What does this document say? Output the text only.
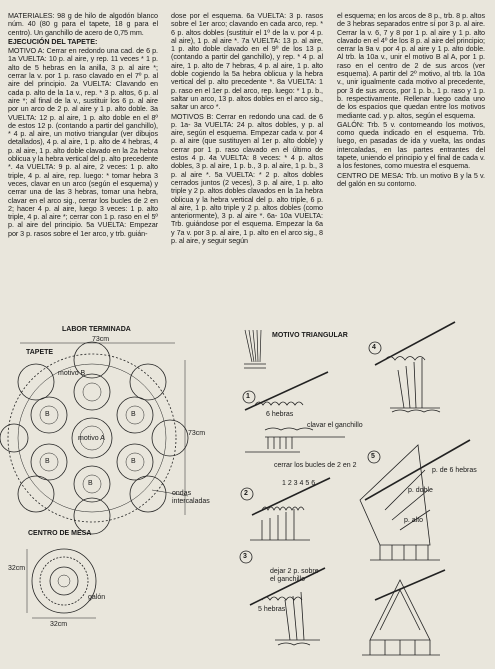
MATERIALES: 98 g de hilo de algodón blanco núm. 40 (80 g para el tapete, 18 g para el centro). Un ganchillo de acero de 0,75 mm.

EJECUCIÓN DEL TAPETE:

MOTIVO A: Cerrar en redondo una cad. de 6 p. 1a VUELTA: 10 p. al aire, y rep. 11 veces * 1 p. alto de 5 hebras en la anilla, 3 p. al aire *; cerrar la v. por 1 p. raso clavado en el 7º p. al aire del principio. 2a VUELTA: Clavando en cada p. alto de la 1a v., rep. * 3 p. altos, 6 p. al aire *; al final de la v., sustituir los 6 p. al aire por un arco de 2 p. al aire y 1 p. alto doble. 3a VUELTA: 12 p. al aire, 1 p. alto doble en el 8º de estos 12 p. (contando a partir del ganchillo), * 4 p. al aire, un motivo triangular (ver dibujos detallados), 4 p. al aire, 1 p. alto de 4 hebras, 4 p. al aire, 1 p. alto doble clavado en la 2a hebra oblicua y la hebra vertical del p. alto precedente *. 4a VUELTA: 9 p. al aire, 2 veces: 1 p. alto triple, 4 p. al aire, rep. luego: * tomar hebra 3 veces, clavar en un arco (según el esquema) y cerrar una de las 3 hebras, tomar una hebra, clavar en el arco sig., cerrar los bucles de 2 en 2; hacer 4 p. al aire, luego 3 veces: 1 p. alto triple, 4 p. al aire *; cerrar con 1 p. raso en el 5º p. al aire del principio. 5a VUELTA: Empezar por 3 p. rasos sobre el 1er arco, y trb. guián-

dose por el esquema. 6a VUELTA: 3 p. rasos sobre el 1er arco; clavando en cada arco, rep. * 6 p. altos dobles (sustituir el 1º de la v. por 4 p. al aire), 1 p. al aire *. 7a VUELTA: 13 p. al aire, 1 p. alto doble clavado en el 9º de los 13 p. (contando a partir del ganchillo), y rep. * 4 p. al aire, 1 p. alto de 7 hebras, 4 p. al aire, 1 p. alto doble cogiendo la 5a hebra oblicua y la hebra vertical del p. alto precedente *. 8a VUELTA: 1 p. raso en el 1er p. del arco, rep. luego: * 1 p. b., saltar un arco, 13 p. altos dobles en el arco sig., saltar un arco *.

MOTIVOS B: Cerrar en redondo una cad. de 6 p. 1a- 3a VUELTA: 24 p. altos dobles, y p. al aire, según el esquema. Empezar cada v. por 4 p. al aire (que sustituyen al 1er p. alto doble) y cerrar por 1 p. raso clavado en el último de estos 4 p. 4a VUELTA: 8 veces: * 4 p. altos dobles, 3 p. al aire, 1 p. b., 3 p. al aire, 1 p. b., 3 p. al aire *. 5a VUELTA: * 2 p. altos dobles cerrados juntos (2 veces), 3 p. al aire, 1 p. alto triple y 2 p. altos dobles clavados en la 1a hebra oblicua y la hebra vertical del p. alto triple, 6 p. al aire, 1 p. alto triple y 2 p. altos dobles (como anteriormente), 3 p. al aire *. 6a- 10a VUELTA: Trb. guiándose por el esquema. Empezar la 6a y 7a v. por 3 p. al aire, 1 p. alto en el arco sig., 8 p. al aire, y seguir según

el esquema; en los arcos de 8 p., trb. 8 p. altos de 3 hebras separados entre sí por 3 p. al aire. Cerrar la v. 6, 7 y 8 por 1 p. al aire y 1 p. alto clavado en el 4º de los 8 p. al aire del principio; cerrar la 9a v. por 4 p. al aire y 1 p. alto doble. Al trb. la 10a v., unir el motivo B al A, por 1 p. raso en el centro de 2 de sus arcos (ver esquema). A partir del 2º motivo, al trb. la 10a v., unir igualmente cada motivo al precedente, por 3 de sus arcos, por 1 p. b., 1 p. raso y 1 p. b. respectivamente. Rellenar luego cada uno de los espacios que quedan entre los motivos mediante cad. y p. altos, según el esquema.

GALÓN: Trb. 5 v. contorneando los motivos, como queda indicado en el esquema. Trb. luego, en pasadas de ida y vuelta, las ondas intercaladas, en las partes entrantes del tapete, uniendo el principio y el final de cada v. a los festones, como muestra el esquema.

CENTRO DE MESA: Trb. un motivo B y la 5 v. del galón en su contorno.

LABOR TERMINADA
TAPETE
73cm
73cm
motivo A
motivo B
B
B
B
B
B
ondas intercaladas
CENTRO DE MESA
32cm
32cm
galón
MOTIVO TRIANGULAR
1
2
3
4
5
6 hebras
clavar el ganchillo
cerrar los bucles de 2 en 2
1 2 3 4 5 6
dejar 2 p. sobre el ganchillo
5 hebras
p. de 6 hebras
p. doble
p. alto
